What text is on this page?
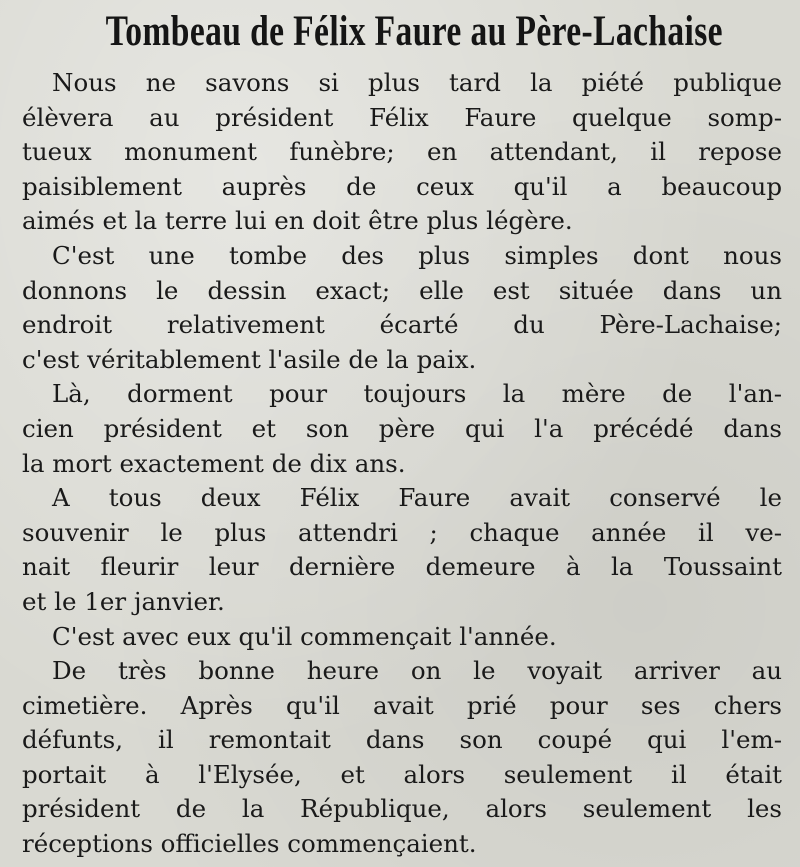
Tombeau de Félix Faure au Père-Lachaise

Nous ne savons si plus tard la piété publique
élèvera au président Félix Faure quelque somp-
tueux monument funèbre; en attendant, il repose
paisiblement auprès de ceux qu'il a beaucoup
aimés et la terre lui en doit être plus légère.

C'est une tombe des plus simples dont nous
donnons le dessin exact; elle est située dans un
endroit relativement écarté du Père-Lachaise;
c'est véritablement l'asile de la paix.

Là, dorment pour toujours la mère de l'an-
cien président et son père qui l'a précédé dans
la mort exactement de dix ans.

A tous deux Félix Faure avait conservé le
souvenir le plus attendri ; chaque année il ve-
nait fleurir leur dernière demeure à la Toussaint
et le 1er janvier.

C'est avec eux qu'il commençait l'année.

De très bonne heure on le voyait arriver au
cimetière. Après qu'il avait prié pour ses chers
défunts, il remontait dans son coupé qui l'em-
portait à l'Elysée, et alors seulement il était
président de la République, alors seulement les
réceptions officielles commençaient.
